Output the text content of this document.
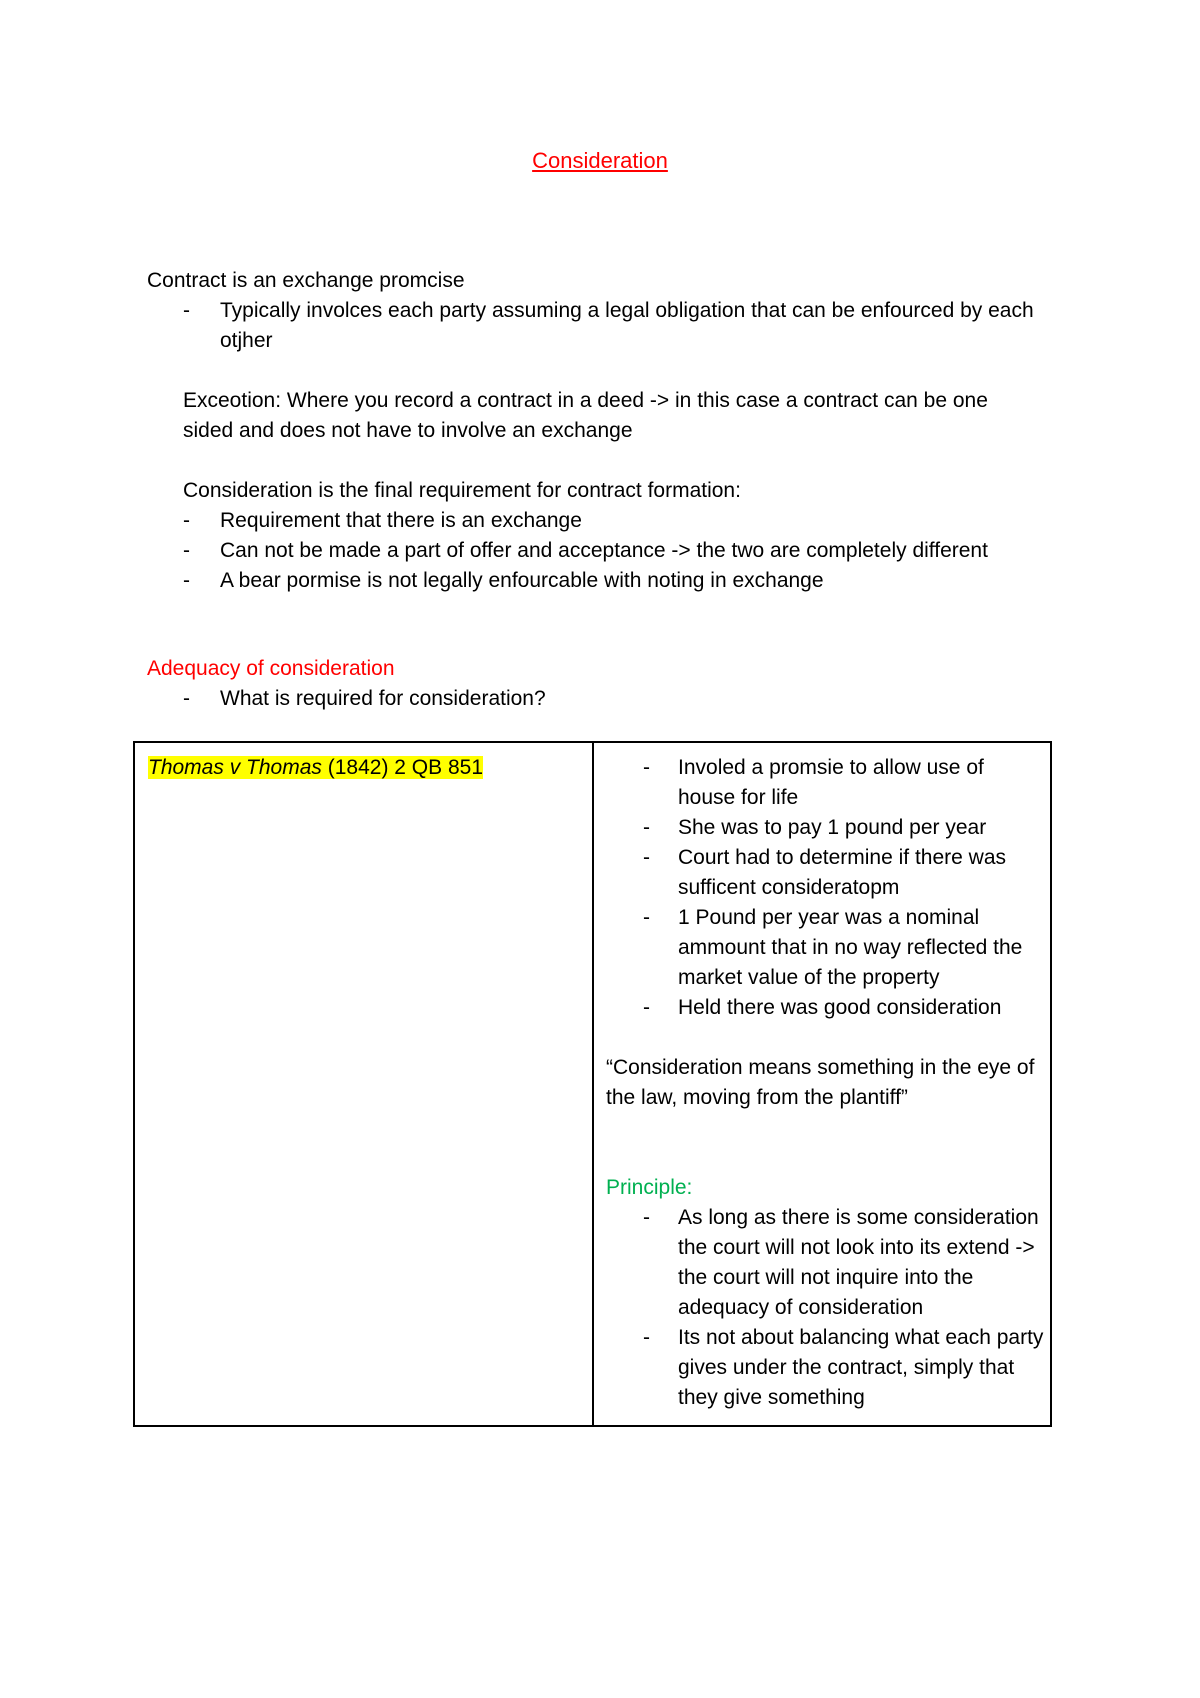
Consideration
Contract is an exchange promcise
- Typically involces each party assuming a legal obligation that can be enfourced by each otjher
Exceotion: Where you record a contract in a deed -> in this case a contract can be one sided and does not have to involve an exchange
Consideration is the final requirement for contract formation:
- Requirement that there is an exchange
- Can not be made a part of offer and acceptance -> the two are completely different
- A bear pormise is not legally enfourcable with noting in exchange
Adequacy of consideration
- What is required for consideration?
Thomas v Thomas (1842) 2 QB 851	- Involed a promsie to allow use of house for life
- She was to pay 1 pound per year
- Court had to determine if there was sufficent consideratopm
- 1 Pound per year was a nominal ammount that in no way reflected the market value of the property
- Held there was good consideration
“Consideration means something in the eye of the law, moving from the plantiff”
Principle:
- As long as there is some consideration the court will not look into its extend -> the court will not inquire into the adequacy of consideration
- Its not about balancing what each party gives under the contract, simply that they give something
